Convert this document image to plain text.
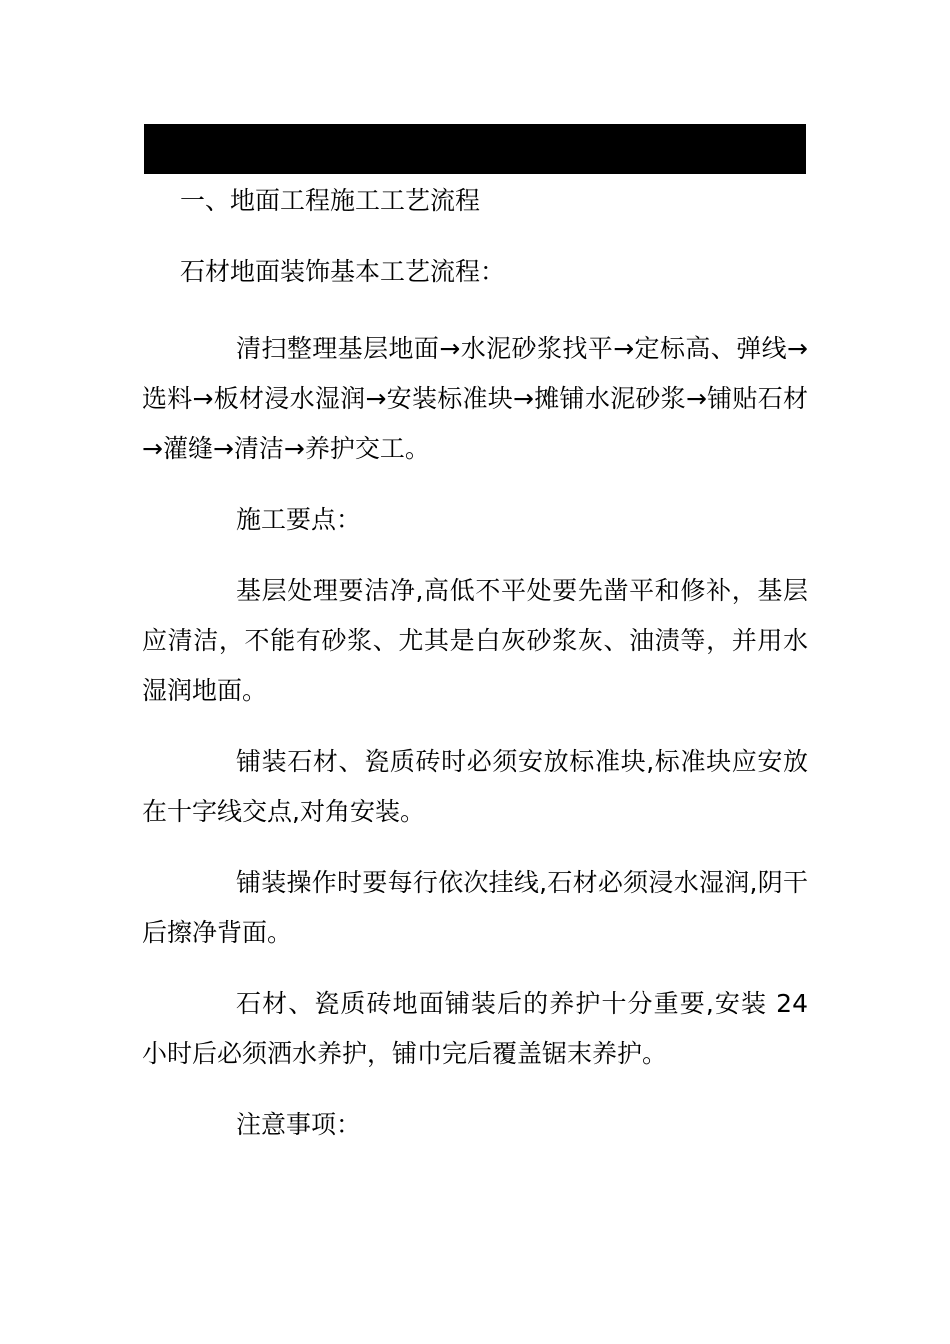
一、地面工程施工工艺流程

石材地面装饰基本工艺流程：

清扫整理基层地面→水泥砂浆找平→定标高、弹线→选料→板材浸水湿润→安装标准块→摊铺水泥砂浆→铺贴石材→灌缝→清洁→养护交工。

施工要点：

基层处理要洁净,高低不平处要先凿平和修补，基层应清洁，不能有砂浆、尤其是白灰砂浆灰、油渍等，并用水湿润地面。

铺装石材、瓷质砖时必须安放标准块,标准块应安放在十字线交点,对角安装。

铺装操作时要每行依次挂线,石材必须浸水湿润,阴干后擦净背面。

石材、瓷质砖地面铺装后的养护十分重要,安装 24 小时后必须洒水养护，铺巾完后覆盖锯末养护。

注意事项：
